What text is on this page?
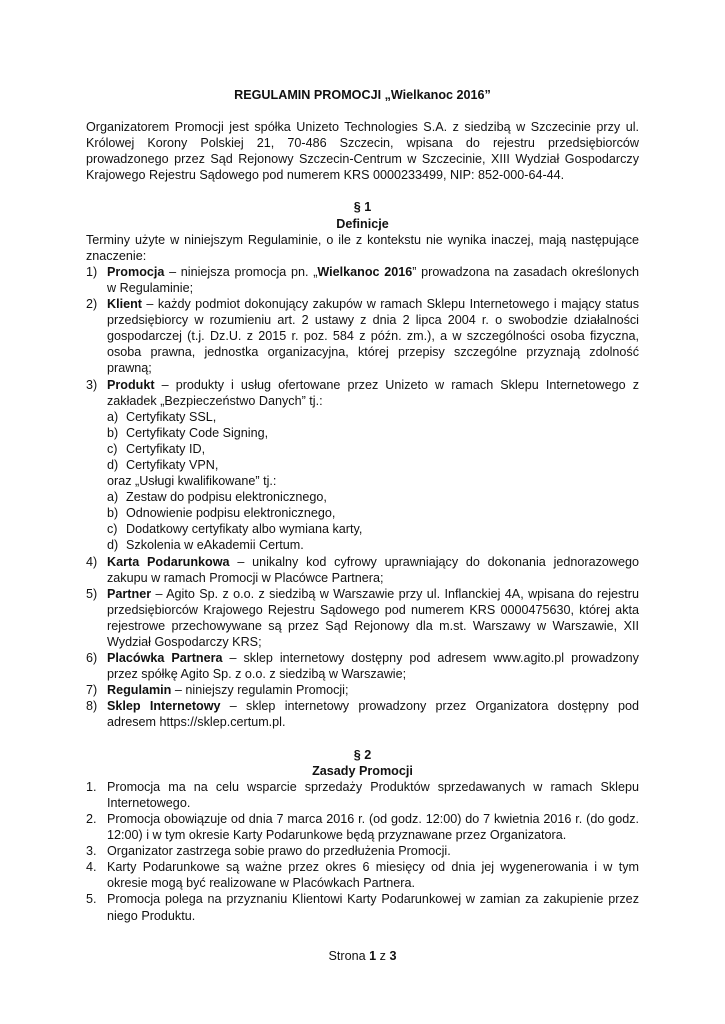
REGULAMIN PROMOCJI „Wielkanoc 2016”
Organizatorem Promocji jest spółka Unizeto Technologies S.A. z siedzibą w Szczecinie przy ul. Królowej Korony Polskiej 21, 70-486 Szczecin, wpisana do rejestru przedsiębiorców prowadzonego przez Sąd Rejonowy Szczecin-Centrum w Szczecinie, XIII Wydział Gospodarczy Krajowego Rejestru Sądowego pod numerem KRS 0000233499, NIP: 852-000-64-44.
§ 1
Definicje
Terminy użyte w niniejszym Regulaminie, o ile z kontekstu nie wynika inaczej, mają następujące znaczenie:
1) Promocja – niniejsza promocja pn. „Wielkanoc 2016” prowadzona na zasadach określonych w Regulaminie;
2) Klient – każdy podmiot dokonujący zakupów w ramach Sklepu Internetowego i mający status przedsiębiorcy w rozumieniu art. 2 ustawy z dnia 2 lipca 2004 r. o swobodzie działalności gospodarczej (t.j. Dz.U. z 2015 r. poz. 584 z późn. zm.), a w szczególności osoba fizyczna, osoba prawna, jednostka organizacyjna, której przepisy szczególne przyznają zdolność prawną;
3) Produkt – produkty i usług ofertowane przez Unizeto w ramach Sklepu Internetowego z zakładek „Bezpieczeństwo Danych” tj.:
a) Certyfikaty SSL,
b) Certyfikaty Code Signing,
c) Certyfikaty ID,
d) Certyfikaty VPN,
oraz „Usługi kwalifikowane” tj.:
a) Zestaw do podpisu elektronicznego,
b) Odnowienie podpisu elektronicznego,
c) Dodatkowy certyfikaty albo wymiana karty,
d) Szkolenia w eAkademii Certum.
4) Karta Podarunkowa – unikalny kod cyfrowy uprawniający do dokonania jednorazowego zakupu w ramach Promocji w Placówce Partnera;
5) Partner – Agito Sp. z o.o. z siedzibą w Warszawie przy ul. Inflanckiej 4A, wpisana do rejestru przedsiębiorców Krajowego Rejestru Sądowego pod numerem KRS 0000475630, której akta rejestrowe przechowywane są przez Sąd Rejonowy dla m.st. Warszawy w Warszawie, XII Wydział Gospodarczy KRS;
6) Placówka Partnera – sklep internetowy dostępny pod adresem www.agito.pl prowadzony przez spółkę Agito Sp. z o.o. z siedzibą w Warszawie;
7) Regulamin – niniejszy regulamin Promocji;
8) Sklep Internetowy – sklep internetowy prowadzony przez Organizatora dostępny pod adresem https://sklep.certum.pl.
§ 2
Zasady Promocji
1. Promocja ma na celu wsparcie sprzedaży Produktów sprzedawanych w ramach Sklepu Internetowego.
2. Promocja obowiązuje od dnia 7 marca 2016 r. (od godz. 12:00) do 7 kwietnia 2016 r. (do godz. 12:00) i w tym okresie Karty Podarunkowe będą przyznawane przez Organizatora.
3. Organizator zastrzega sobie prawo do przedłużenia Promocji.
4. Karty Podarunkowe są ważne przez okres 6 miesięcy od dnia jej wygenerowania i w tym okresie mogą być realizowane w Placówkach Partnera.
5. Promocja polega na przyznaniu Klientowi Karty Podarunkowej w zamian za zakupienie przez niego Produktu.
Strona 1 z 3
